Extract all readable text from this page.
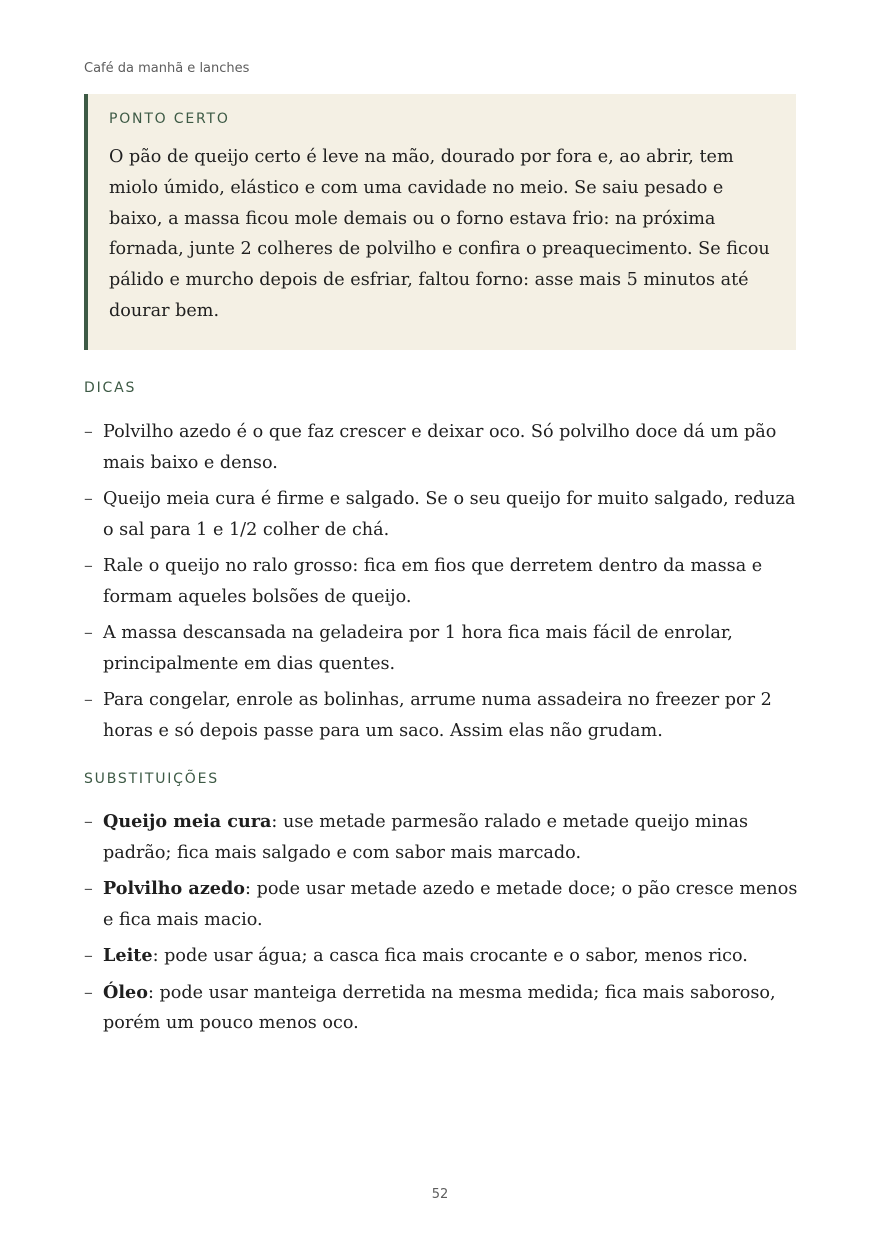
Café da manhã e lanches
PONTO CERTO

O pão de queijo certo é leve na mão, dourado por fora e, ao abrir, tem miolo úmido, elástico e com uma cavidade no meio. Se saiu pesado e baixo, a massa ficou mole demais ou o forno estava frio: na próxima fornada, junte 2 colheres de polvilho e confira o preaquecimento. Se ficou pálido e murcho depois de esfriar, faltou forno: asse mais 5 minutos até dourar bem.

DICAS
– Polvilho azedo é o que faz crescer e deixar oco. Só polvilho doce dá um pão mais baixo e denso.
– Queijo meia cura é firme e salgado. Se o seu queijo for muito salgado, reduza o sal para 1 e 1/2 colher de chá.
– Rale o queijo no ralo grosso: fica em fios que derretem dentro da massa e formam aqueles bolsões de queijo.
– A massa descansada na geladeira por 1 hora fica mais fácil de enrolar, principalmente em dias quentes.
– Para congelar, enrole as bolinhas, arrume numa assadeira no freezer por 2 horas e só depois passe para um saco. Assim elas não grudam.
SUBSTITUIÇÕES
– Queijo meia cura: use metade parmesão ralado e metade queijo minas padrão; fica mais salgado e com sabor mais marcado.
– Polvilho azedo: pode usar metade azedo e metade doce; o pão cresce menos e fica mais macio.
– Leite: pode usar água; a casca fica mais crocante e o sabor, menos rico.
– Óleo: pode usar manteiga derretida na mesma medida; fica mais saboroso, porém um pouco menos oco.
52
